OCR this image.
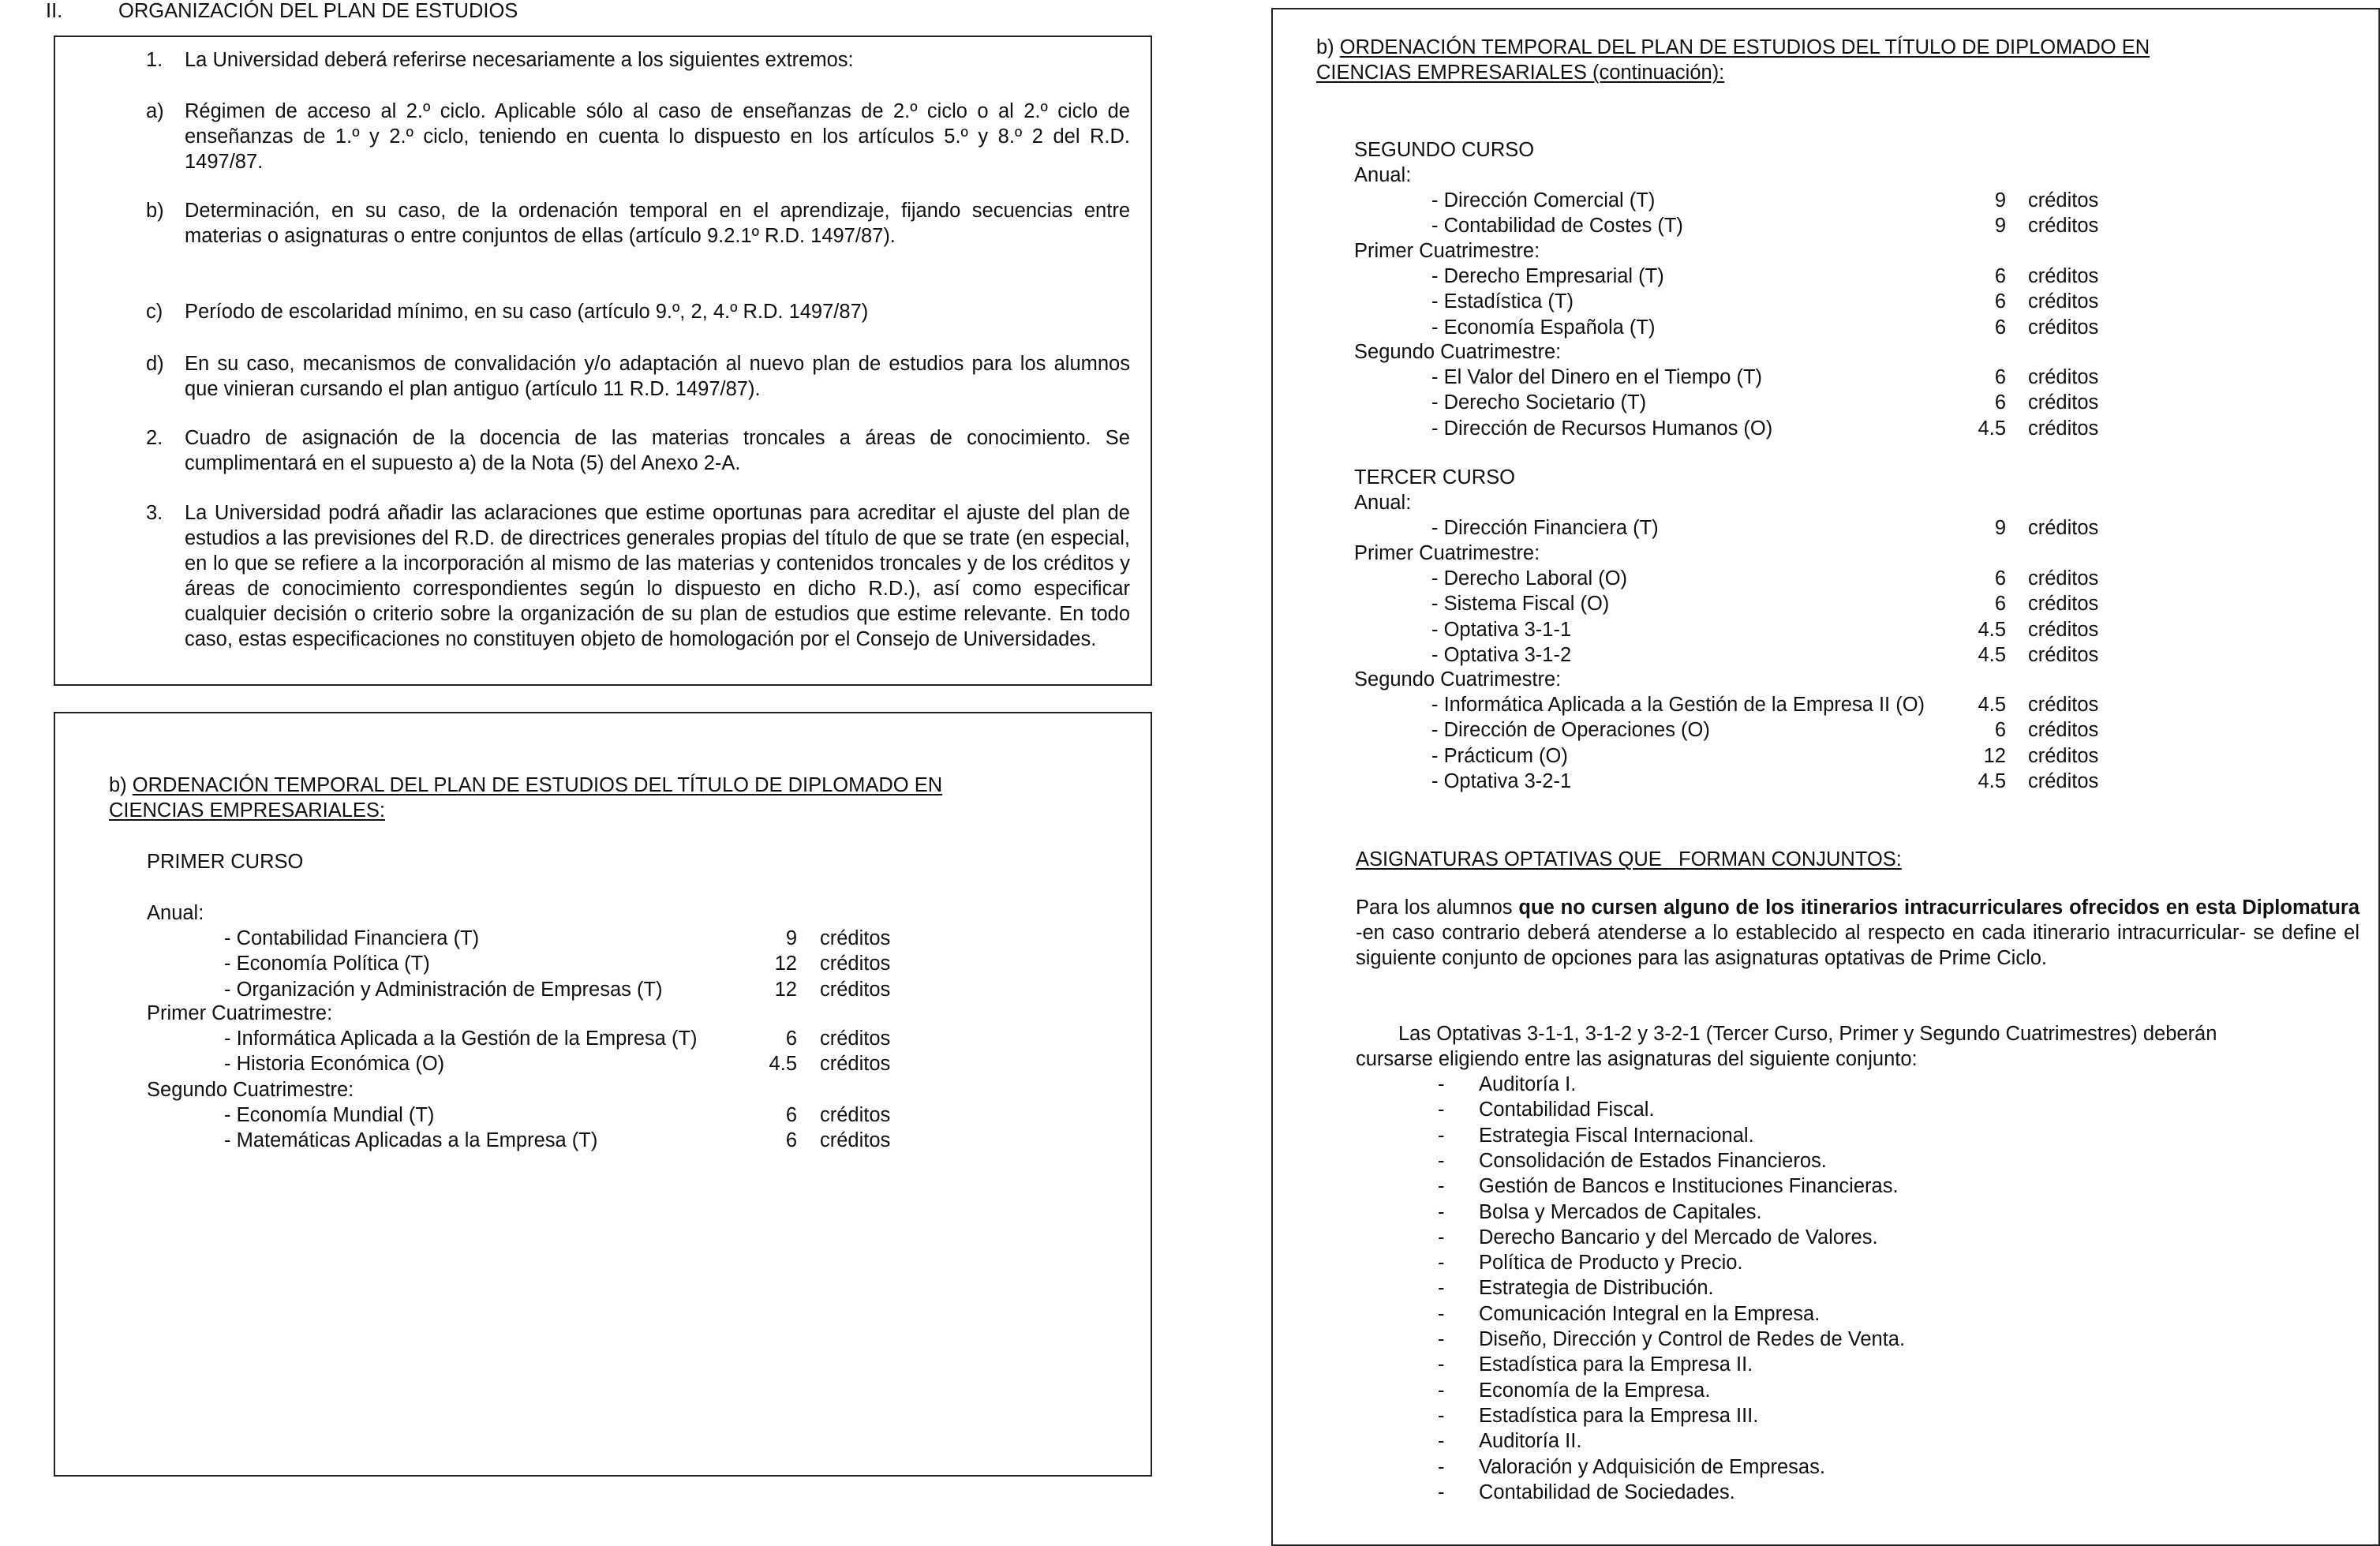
II.	ORGANIZACIÓN DEL PLAN DE ESTUDIOS
1. La Universidad deberá referirse necesariamente a los siguientes extremos:
a) Régimen de acceso al 2.º ciclo. Aplicable sólo al caso de enseñanzas de 2.º ciclo o al 2.º ciclo de enseñanzas de 1.º y 2.º ciclo, teniendo en cuenta lo dispuesto en los artículos 5.º y 8.º 2 del R.D. 1497/87.
b) Determinación, en su caso, de la ordenación temporal en el aprendizaje, fijando secuencias entre materias o asignaturas o entre conjuntos de ellas (artículo 9.2.1º R.D. 1497/87).
c) Período de escolaridad mínimo, en su caso (artículo 9.º, 2, 4.º R.D. 1497/87)
d) En su caso, mecanismos de convalidación y/o adaptación al nuevo plan de estudios para los alumnos que vinieran cursando el plan antiguo (artículo 11 R.D. 1497/87).
2. Cuadro de asignación de la docencia de las materias troncales a áreas de conocimiento. Se cumplimentará en el supuesto a) de la Nota (5) del Anexo 2-A.
3. La Universidad podrá añadir las aclaraciones que estime oportunas para acreditar el ajuste del plan de estudios a las previsiones del R.D. de directrices generales propias del título de que se trate (en especial, en lo que se refiere a la incorporación al mismo de las materias y contenidos troncales y de los créditos y áreas de conocimiento correspondientes según lo dispuesto en dicho R.D.), así como especificar cualquier decisión o criterio sobre la organización de su plan de estudios que estime relevante. En todo caso, estas especificaciones no constituyen objeto de homologación por el Consejo de Universidades.
b) ORDENACIÓN TEMPORAL DEL PLAN DE ESTUDIOS DEL TÍTULO DE DIPLOMADO EN
CIENCIAS EMPRESARIALES:
PRIMER CURSO
Anual:
Primer Cuatrimestre:
Segundo Cuatrimestre:
- Contabilidad Financiera (T)	9 créditos
- Economía Política (T)	12 créditos
- Organización y Administración de Empresas (T)	12 créditos
- Informática Aplicada a la Gestión de la Empresa (T)	6 créditos
- Historia Económica (O)	4.5 créditos
- Economía Mundial (T)	6 créditos
- Matemáticas Aplicadas a la Empresa (T)	6 créditos
b) ORDENACIÓN TEMPORAL DEL PLAN DE ESTUDIOS DEL TÍTULO DE DIPLOMADO EN
CIENCIAS EMPRESARIALES (continuación):
SEGUNDO CURSO
Anual:
Primer Cuatrimestre:
Segundo Cuatrimestre:
TERCER CURSO
Anual:
Primer Cuatrimestre:
Segundo Cuatrimestre:
- Dirección Comercial (T)	9 créditos
- Contabilidad de Costes (T)	9 créditos
- Derecho Empresarial (T)	6 créditos
- Estadística (T)	6 créditos
- Economía Española (T)	6 créditos
- El Valor del Dinero en el Tiempo (T)	6 créditos
- Derecho Societario (T)	6 créditos
- Dirección de Recursos Humanos (O)	4.5 créditos
- Dirección Financiera (T)	9 créditos
- Derecho Laboral (O)	6 créditos
- Sistema Fiscal (O)	6 créditos
- Optativa 3-1-1	4.5 créditos
- Optativa 3-1-2	4.5 créditos
- Informática Aplicada a la Gestión de la Empresa II (O)	4.5 créditos
- Dirección de Operaciones (O)	6 créditos
- Prácticum (O)	12 créditos
- Optativa 3-2-1	4.5 créditos
ASIGNATURAS OPTATIVAS QUE   FORMAN CONJUNTOS:
Para los alumnos que no cursen alguno de los itinerarios intracurriculares ofrecidos en esta Diplomatura -en caso contrario deberá atenderse a lo establecido al respecto en cada itinerario intracurricular- se define el siguiente conjunto de opciones para las asignaturas optativas de Prime Ciclo.
Las Optativas 3-1-1, 3-1-2 y 3-2-1 (Tercer Curso, Primer y Segundo Cuatrimestres) deberán
cursarse eligiendo entre las asignaturas del siguiente conjunto:
- Auditoría I.
- Contabilidad Fiscal.
- Estrategia Fiscal Internacional.
- Consolidación de Estados Financieros.
- Gestión de Bancos e Instituciones Financieras.
- Bolsa y Mercados de Capitales.
- Derecho Bancario y del Mercado de Valores.
- Política de Producto y Precio.
- Estrategia de Distribución.
- Comunicación Integral en la Empresa.
- Diseño, Dirección y Control de Redes de Venta.
- Estadística para la Empresa II.
- Economía de la Empresa.
- Estadística para la Empresa III.
- Auditoría II.
- Valoración y Adquisición de Empresas.
- Contabilidad de Sociedades.
